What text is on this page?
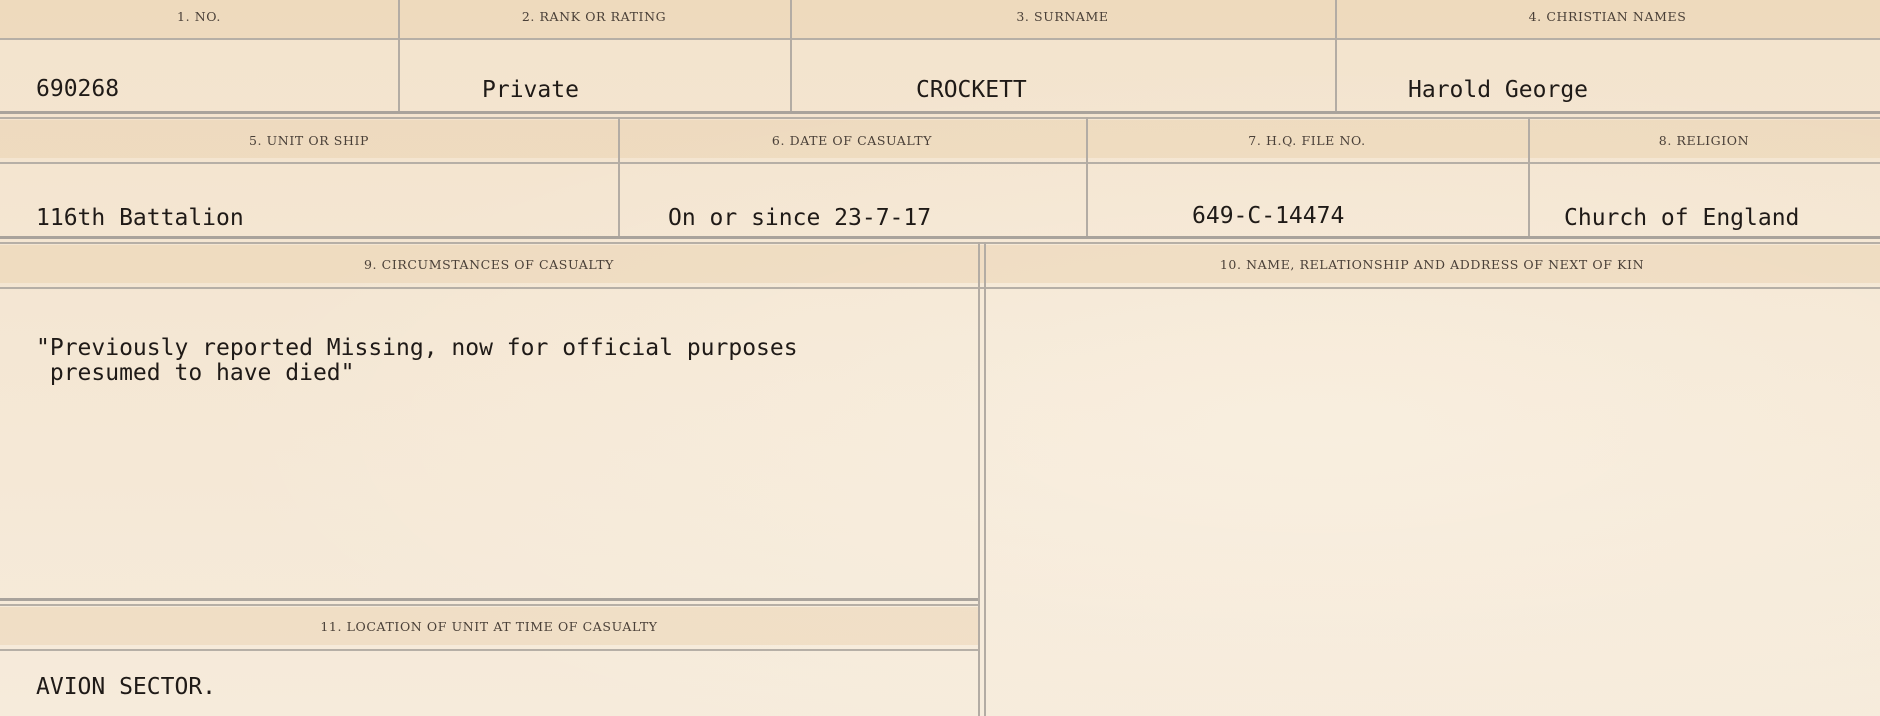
1. NO.	2. RANK OR RATING	3. SURNAME	4. CHRISTIAN NAMES
690268	Private	CROCKETT	Harold George
5. UNIT OR SHIP	6. DATE OF CASUALTY	7. H.Q. FILE NO.	8. RELIGION
116th Battalion	On or since 23-7-17	649-C-14474	Church of England
9. CIRCUMSTANCES OF CASUALTY	10. NAME, RELATIONSHIP AND ADDRESS OF NEXT OF KIN
"Previously reported Missing, now for official purposes
presumed to have died"
11. LOCATION OF UNIT AT TIME OF CASUALTY
AVION SECTOR.
